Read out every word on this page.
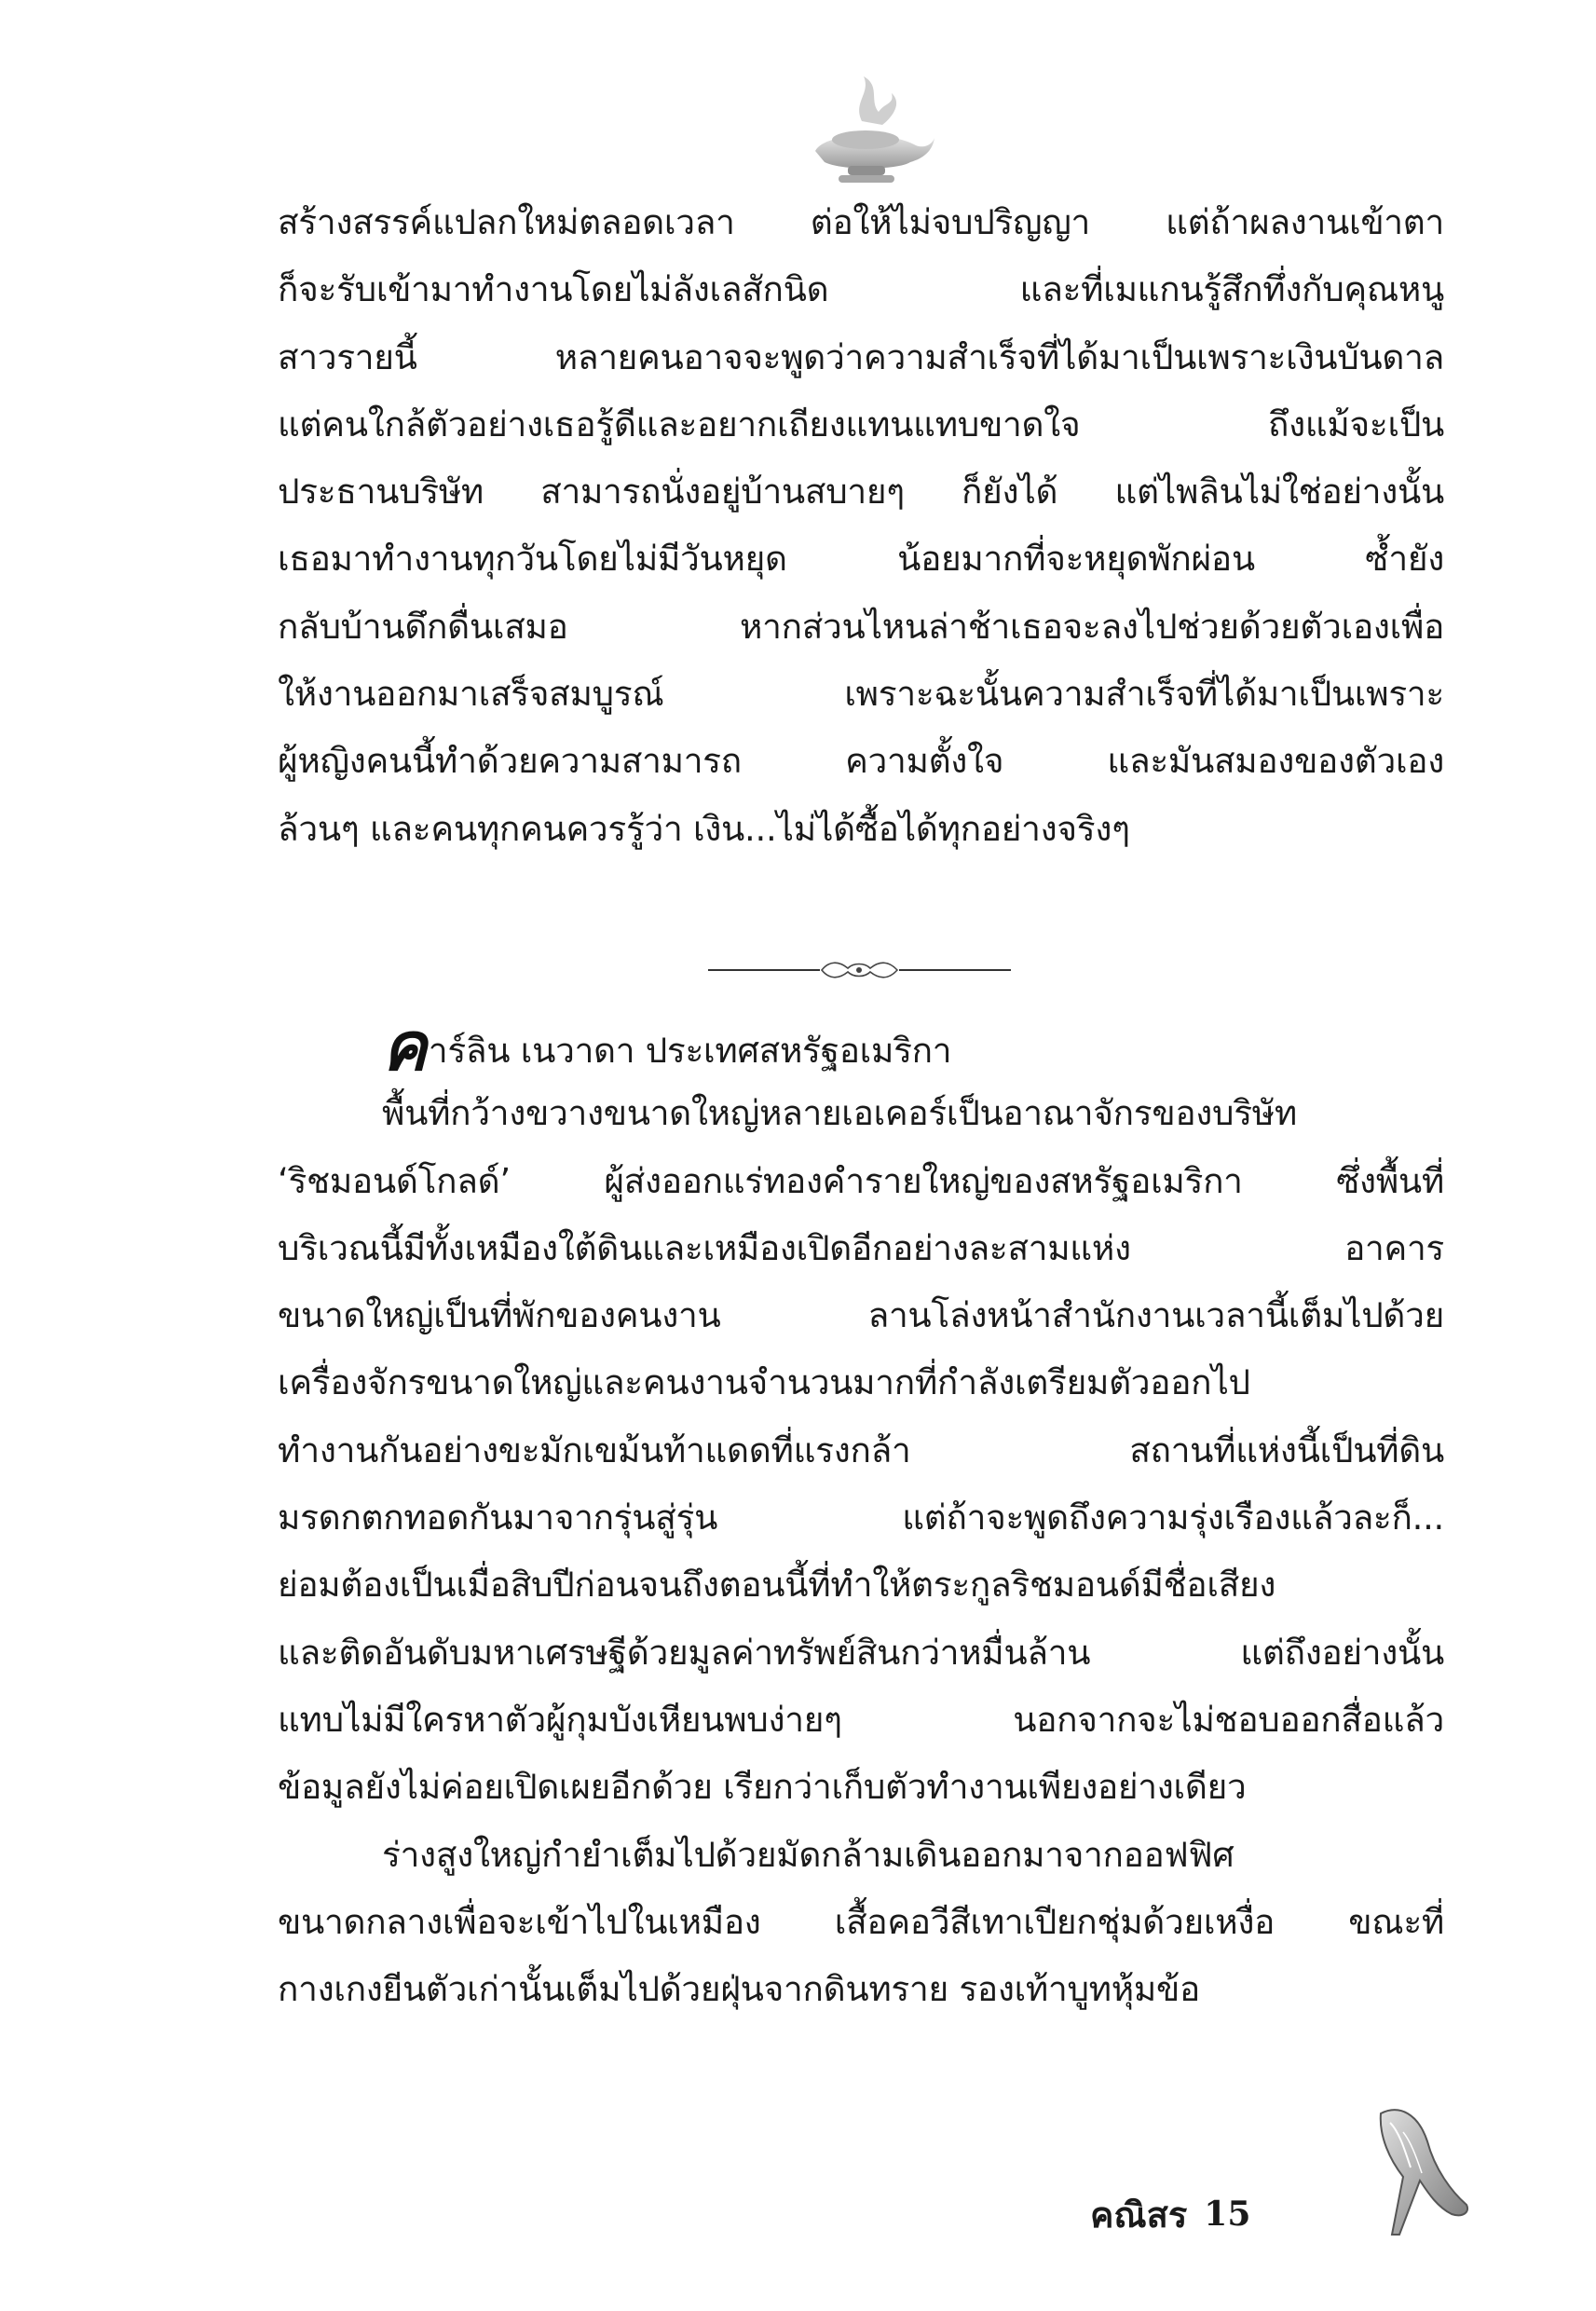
สร้างสรรค์แปลกใหม่ตลอดเวลา ต่อให้ไม่จบปริญญา แต่ถ้าผลงานเข้าตา
ก็จะรับเข้ามาทำงานโดยไม่ลังเลสักนิด และที่เมแกนรู้สึกทึ่งกับคุณหนู
สาวรายนี้ หลายคนอาจจะพูดว่าความสำเร็จที่ได้มาเป็นเพราะเงินบันดาล
แต่คนใกล้ตัวอย่างเธอรู้ดีและอยากเถียงแทนแทบขาดใจ ถึงแม้จะเป็น
ประธานบริษัท สามารถนั่งอยู่บ้านสบายๆ ก็ยังได้ แต่ไพลินไม่ใช่อย่างนั้น
เธอมาทำงานทุกวันโดยไม่มีวันหยุด น้อยมากที่จะหยุดพักผ่อน ซ้ำยัง
กลับบ้านดึกดื่นเสมอ หากส่วนไหนล่าช้าเธอจะลงไปช่วยด้วยตัวเองเพื่อ
ให้งานออกมาเสร็จสมบูรณ์ เพราะฉะนั้นความสำเร็จที่ได้มาเป็นเพราะ
ผู้หญิงคนนี้ทำด้วยความสามารถ ความตั้งใจ และมันสมองของตัวเอง
ล้วนๆ และคนทุกคนควรรู้ว่า เงิน...ไม่ได้ซื้อได้ทุกอย่างจริงๆ
คาร์ลิน เนวาดา ประเทศสหรัฐอเมริกา
พื้นที่กว้างขวางขนาดใหญ่หลายเอเคอร์เป็นอาณาจักรของบริษัท
‘ริชมอนด์โกลด์’ ผู้ส่งออกแร่ทองคำรายใหญ่ของสหรัฐอเมริกา ซึ่งพื้นที่
บริเวณนี้มีทั้งเหมืองใต้ดินและเหมืองเปิดอีกอย่างละสามแห่ง อาคาร
ขนาดใหญ่เป็นที่พักของคนงาน ลานโล่งหน้าสำนักงานเวลานี้เต็มไปด้วย
เครื่องจักรขนาดใหญ่และคนงานจำนวนมากที่กำลังเตรียมตัวออกไป
ทำงานกันอย่างขะมักเขม้นท้าแดดที่แรงกล้า สถานที่แห่งนี้เป็นที่ดิน
มรดกตกทอดกันมาจากรุ่นสู่รุ่น แต่ถ้าจะพูดถึงความรุ่งเรืองแล้วละก็...
ย่อมต้องเป็นเมื่อสิบปีก่อนจนถึงตอนนี้ที่ทำให้ตระกูลริชมอนด์มีชื่อเสียง
และติดอันดับมหาเศรษฐีด้วยมูลค่าทรัพย์สินกว่าหมื่นล้าน แต่ถึงอย่างนั้น
แทบไม่มีใครหาตัวผู้กุมบังเหียนพบง่ายๆ นอกจากจะไม่ชอบออกสื่อแล้ว
ข้อมูลยังไม่ค่อยเปิดเผยอีกด้วย เรียกว่าเก็บตัวทำงานเพียงอย่างเดียว
ร่างสูงใหญ่กำยำเต็มไปด้วยมัดกล้ามเดินออกมาจากออฟฟิศ
ขนาดกลางเพื่อจะเข้าไปในเหมือง เสื้อคอวีสีเทาเปียกชุ่มด้วยเหงื่อ ขณะที่
กางเกงยีนตัวเก่านั้นเต็มไปด้วยฝุ่นจากดินทราย รองเท้าบูทหุ้มข้อ
คณิสร 15
